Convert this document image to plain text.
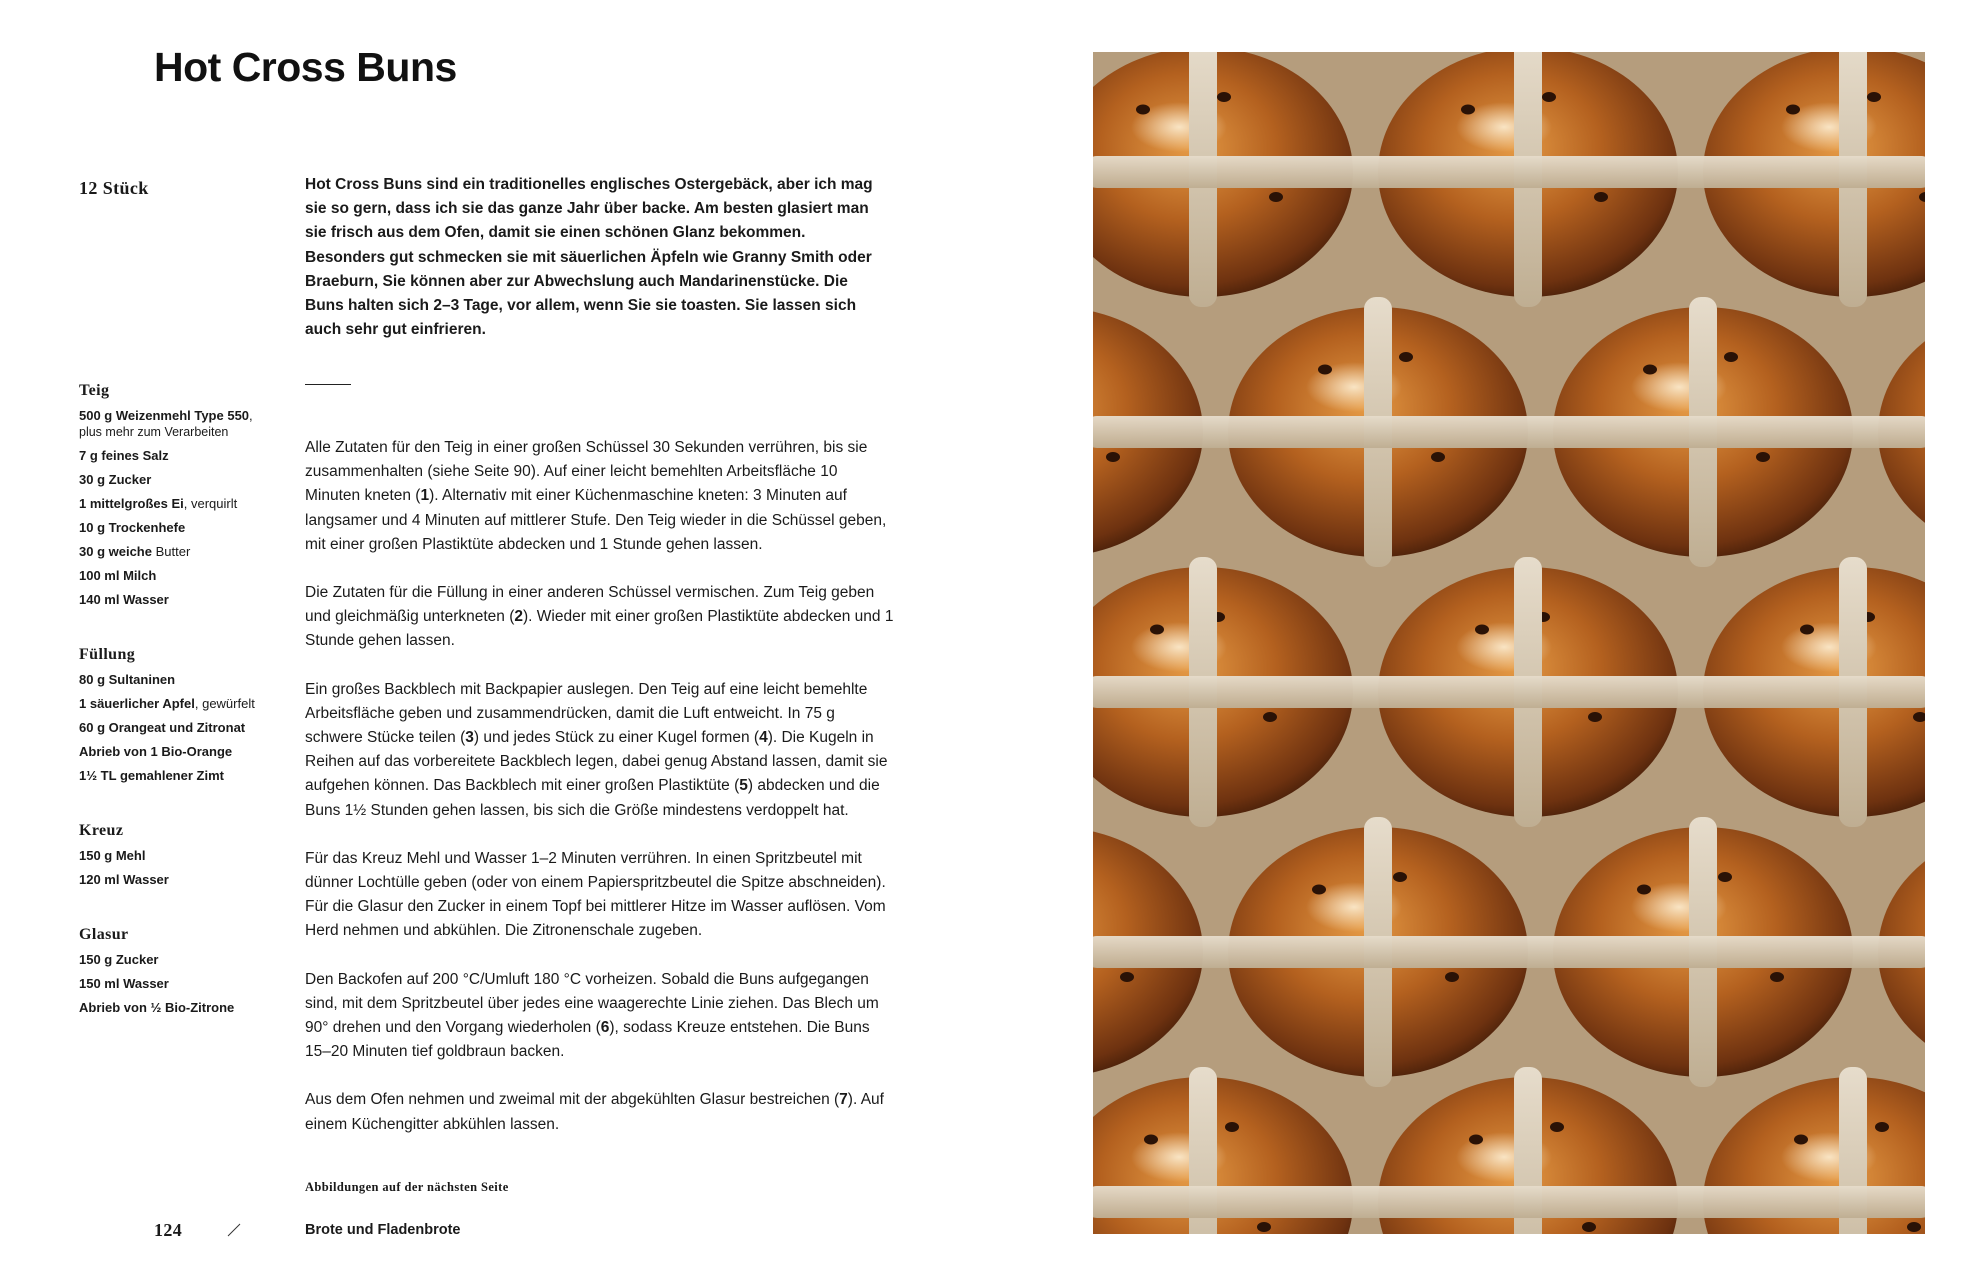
Hot Cross Buns
12 Stück	Hot Cross Buns sind ein traditionelles englisches Ostergebäck, aber ich mag sie so gern, dass ich sie das ganze Jahr über backe. Am besten glasiert man sie frisch aus dem Ofen, damit sie einen schönen Glanz bekommen. Besonders gut schmecken sie mit säuerlichen Äpfeln wie Granny Smith oder Braeburn, Sie können aber zur Abwechslung auch Mandarinenstücke. Die Buns halten sich 2–3 Tage, vor allem, wenn Sie sie toasten. Sie lassen sich auch sehr gut einfrieren.
Teig
500 g Weizenmehl Type 550,
plus mehr zum Verarbeiten
7 g feines Salz
30 g Zucker
1 mittelgroßes Ei, verquirlt
10 g Trockenhefe
30 g weiche Butter
100 ml Milch
140 ml Wasser
Füllung
80 g Sultaninen
1 säuerlicher Apfel, gewürfelt
60 g Orangeat und Zitronat
Abrieb von 1 Bio-Orange
1½ TL gemahlener Zimt
Kreuz
150 g Mehl
120 ml Wasser
Glasur
150 g Zucker
150 ml Wasser
Abrieb von ½ Bio-Zitrone

Alle Zutaten für den Teig in einer großen Schüssel 30 Sekunden verrühren, bis sie zusammenhalten (siehe Seite 90). Auf einer leicht bemehlten Arbeitsfläche 10 Minuten kneten (1). Alternativ mit einer Küchenmaschine kneten: 3 Minuten auf langsamer und 4 Minuten auf mittlerer Stufe. Den Teig wieder in die Schüssel geben, mit einer großen Plastiktüte abdecken und 1 Stunde gehen lassen.

Die Zutaten für die Füllung in einer anderen Schüssel vermischen. Zum Teig geben und gleichmäßig unterkneten (2). Wieder mit einer großen Plastiktüte abdecken und 1 Stunde gehen lassen.

Ein großes Backblech mit Backpapier auslegen. Den Teig auf eine leicht bemehlte Arbeitsfläche geben und zusammendrücken, damit die Luft entweicht. In 75 g schwere Stücke teilen (3) und jedes Stück zu einer Kugel formen (4). Die Kugeln in Reihen auf das vorbereitete Backblech legen, dabei genug Abstand lassen, damit sie aufgehen können. Das Backblech mit einer großen Plastiktüte (5) abdecken und die Buns 1½ Stunden gehen lassen, bis sich die Größe mindestens verdoppelt hat.

Für das Kreuz Mehl und Wasser 1–2 Minuten verrühren. In einen Spritzbeutel mit dünner Lochtülle geben (oder von einem Papierspritzbeutel die Spitze abschneiden). Für die Glasur den Zucker in einem Topf bei mittlerer Hitze im Wasser auflösen. Vom Herd nehmen und abkühlen. Die Zitronenschale zugeben.

Den Backofen auf 200 °C/Umluft 180 °C vorheizen. Sobald die Buns aufgegangen sind, mit dem Spritzbeutel über jedes eine waagerechte Linie ziehen. Das Blech um 90° drehen und den Vorgang wiederholen (6), sodass Kreuze entstehen. Die Buns 15–20 Minuten tief goldbraun backen.

Aus dem Ofen nehmen und zweimal mit der abgekühlten Glasur bestreichen (7). Auf einem Küchengitter abkühlen lassen.

Abbildungen auf der nächsten Seite
124	Brote und Fladenbrote
